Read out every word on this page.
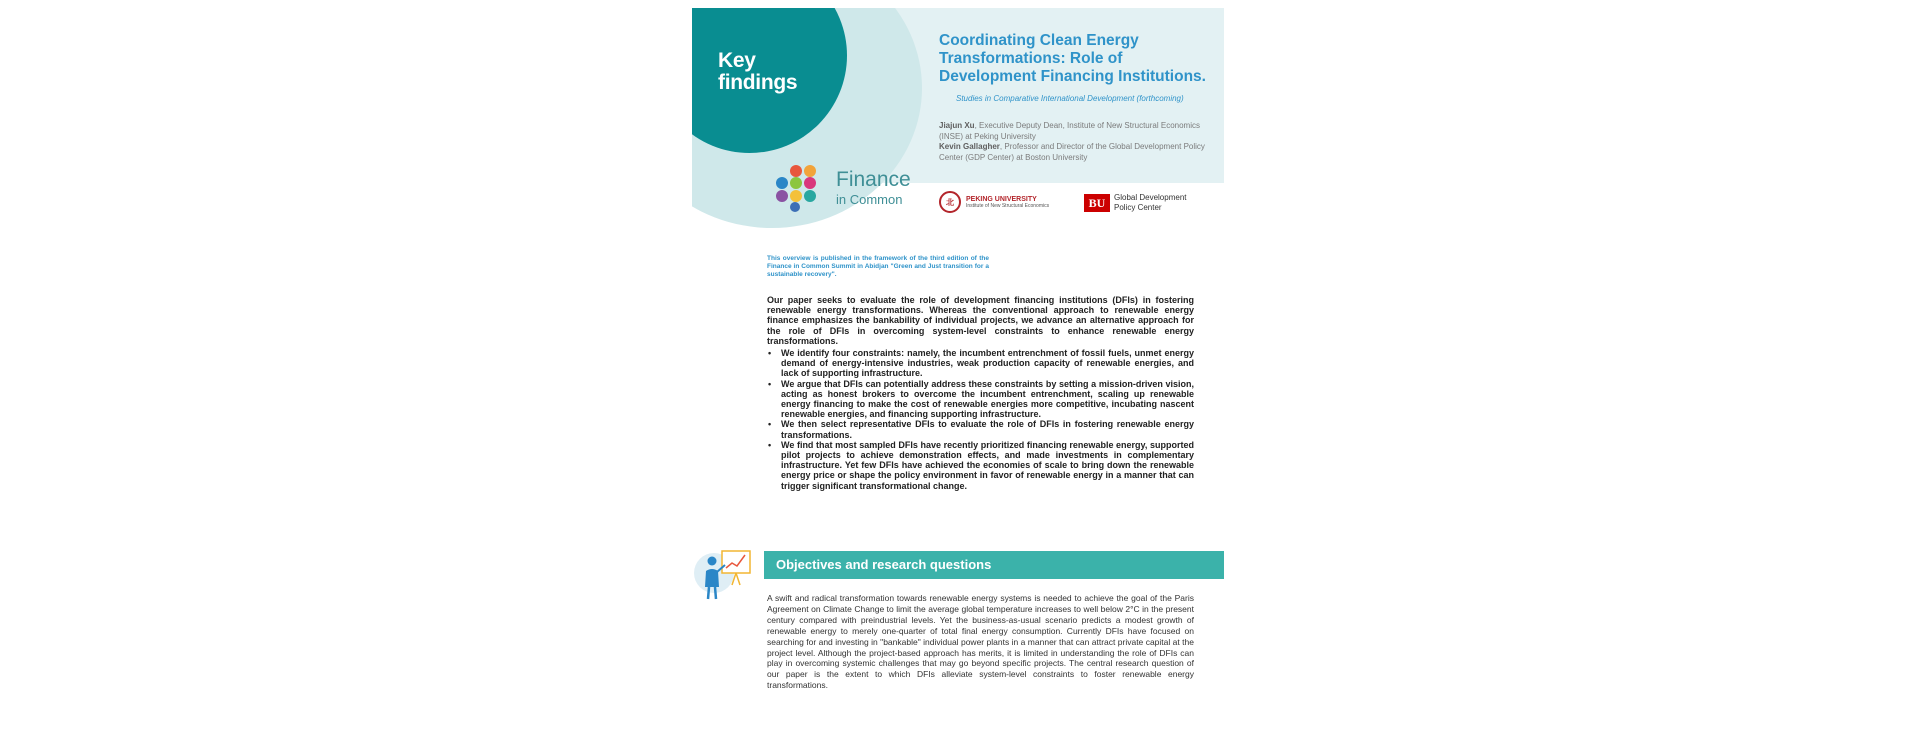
Key findings
Finance
in Common
Coordinating Clean Energy Transformations: Role of Development Financing Institutions.
Studies in Comparative International Development (forthcoming)
Jiajun Xu, Executive Deputy Dean, Institute of New Structural Economics (INSE) at Peking University
Kevin Gallagher, Professor and Director of the Global Development Policy Center (GDP Center) at Boston University
北	PEKING UNIVERSITY
Institute of New Structural Economics	BU	Global Development Policy Center
This overview is published in the framework of the third edition of the Finance in Common Summit in Abidjan "Green and Just transition for a sustainable recovery".
Our paper seeks to evaluate the role of development financing institutions (DFIs) in fostering renewable energy transformations. Whereas the conventional approach to renewable energy finance emphasizes the bankability of individual projects, we advance an alternative approach for the role of DFIs in overcoming system-level constraints to enhance renewable energy transformations.
• We identify four constraints: namely, the incumbent entrenchment of fossil fuels, unmet energy demand of energy-intensive industries, weak production capacity of renewable energies, and lack of supporting infrastructure.
• We argue that DFIs can potentially address these constraints by setting a mission-driven vision, acting as honest brokers to overcome the incumbent entrenchment, scaling up renewable energy financing to make the cost of renewable energies more competitive, incubating nascent renewable energies, and financing supporting infrastructure.
• We then select representative DFIs to evaluate the role of DFIs in fostering renewable energy transformations.
• We find that most sampled DFIs have recently prioritized financing renewable energy, supported pilot projects to achieve demonstration effects, and made investments in complementary infrastructure. Yet few DFIs have achieved the economies of scale to bring down the renewable energy price or shape the policy environment in favor of renewable energy in a manner that can trigger significant transformational change.
Objectives and research questions
A swift and radical transformation towards renewable energy systems is needed to achieve the goal of the Paris Agreement on Climate Change to limit the average global temperature increases to well below 2°C in the present century compared with preindustrial levels. Yet the business-as-usual scenario predicts a modest growth of renewable energy to merely one-quarter of total final energy consumption. Currently DFIs have focused on searching for and investing in "bankable" individual power plants in a manner that can attract private capital at the project level. Although the project-based approach has merits, it is limited in understanding the role of DFIs can play in overcoming systemic challenges that may go beyond specific projects. The central research question of our paper is the extent to which DFIs alleviate system-level constraints to foster renewable energy transformations.
